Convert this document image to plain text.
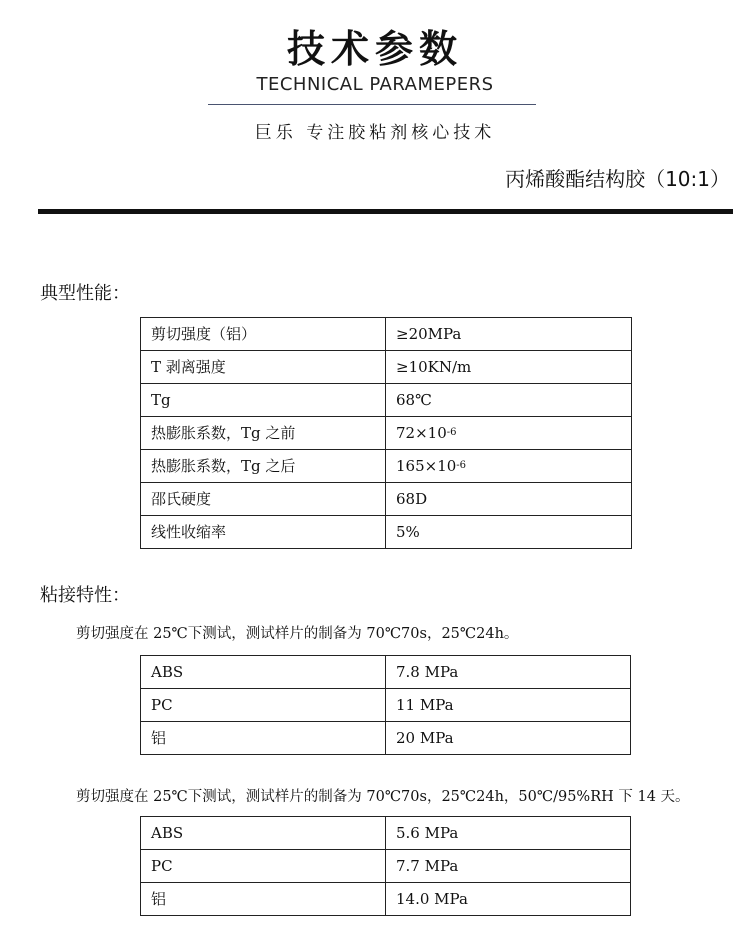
技术参数
TECHNICAL PARAMEPERS
巨乐 专注胶粘剂核心技术
丙烯酸酯结构胶（10:1）
典型性能：
剪切强度（铝）	≥20MPa
T 剥离强度	≥10KN/m
Tg	68℃
热膨胀系数，Tg 之前	$72\times 10^{-6}$
热膨胀系数，Tg 之后	$165\times 10^{-6}$
邵氏硬度	68D
线性收缩率	5%
粘接特性：
剪切强度在 25℃下测试，测试样片的制备为 70℃70s，25℃24h。
ABS	7.8 MPa
PC	11 MPa
铝	20 MPa
剪切强度在 25℃下测试，测试样片的制备为 70℃70s，25℃24h，50℃/95%RH 下 14 天。
ABS	5.6 MPa
PC	7.7 MPa
铝	14.0 MPa
